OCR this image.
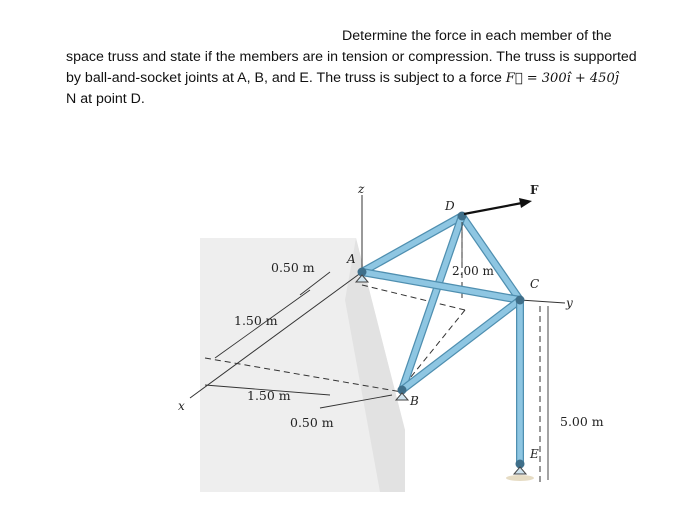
Determine the force in each member of the
space truss and state if the members are in tension or compression. The truss is supported
by ball-and-socket joints at A, B, and E. The truss is subject to a force F⃗ = 300î + 450ĵ
N at point D.

z
x
y
F
A
D
C
B
E
0.50 m
1.50 m
1.50 m
0.50 m
2.00 m
5.00 m
